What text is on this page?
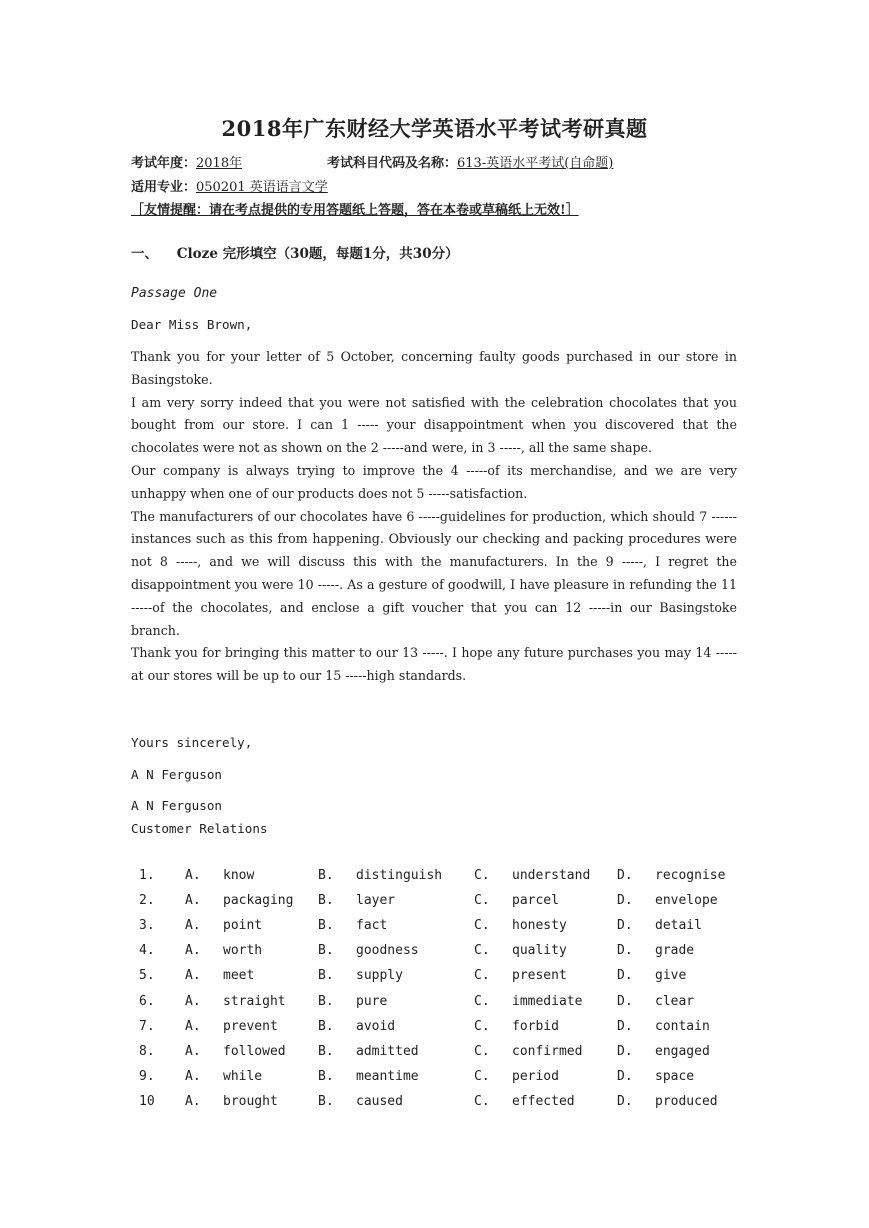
2018年广东财经大学英语水平考试考研真题
考试年度：2018年	考试科目代码及名称：613-英语水平考试(自命题)
适用专业：050201 英语语言文学
［友情提醒：请在考点提供的专用答题纸上答题，答在本卷或草稿纸上无效!］
一、    Cloze 完形填空（30题，每题1分，共30分）
Passage One
Dear Miss Brown,

Thank you for your letter of 5 October, concerning faulty goods purchased in our store in Basingstoke.

I am very sorry indeed that you were not satisfied with the celebration chocolates that you bought from our store. I can 1 ----- your disappointment when you discovered that the chocolates were not as shown on the 2 -----and were, in 3 -----, all the same shape.

Our company is always trying to improve the 4 -----of its merchandise, and we are very unhappy when one of our products does not 5 -----satisfaction.

The manufacturers of our chocolates have 6 -----guidelines for production, which should 7 ------instances such as this from happening. Obviously our checking and packing procedures were not 8 -----, and we will discuss this with the manufacturers. In the 9 -----, I regret the disappointment you were 10 -----. As a gesture of goodwill, I have pleasure in refunding the 11 -----of the chocolates, and enclose a gift voucher that you can 12 -----in our Basingstoke branch.

Thank you for bringing this matter to our 13 -----. I hope any future purchases you may 14 -----at our stores will be up to our 15 -----high standards.

Yours sincerely,
A N Ferguson
A N Ferguson
Customer Relations
1.	A.	know	B.	distinguish	C.	understand	D.	recognise
2.	A.	packaging	B.	layer	C.	parcel	D.	envelope
3.	A.	point	B.	fact	C.	honesty	D.	detail
4.	A.	worth	B.	goodness	C.	quality	D.	grade
5.	A.	meet	B.	supply	C.	present	D.	give
6.	A.	straight	B.	pure	C.	immediate	D.	clear
7.	A.	prevent	B.	avoid	C.	forbid	D.	contain
8.	A.	followed	B.	admitted	C.	confirmed	D.	engaged
9.	A.	while	B.	meantime	C.	period	D.	space
10	A.	brought	B.	caused	C.	effected	D.	produced
